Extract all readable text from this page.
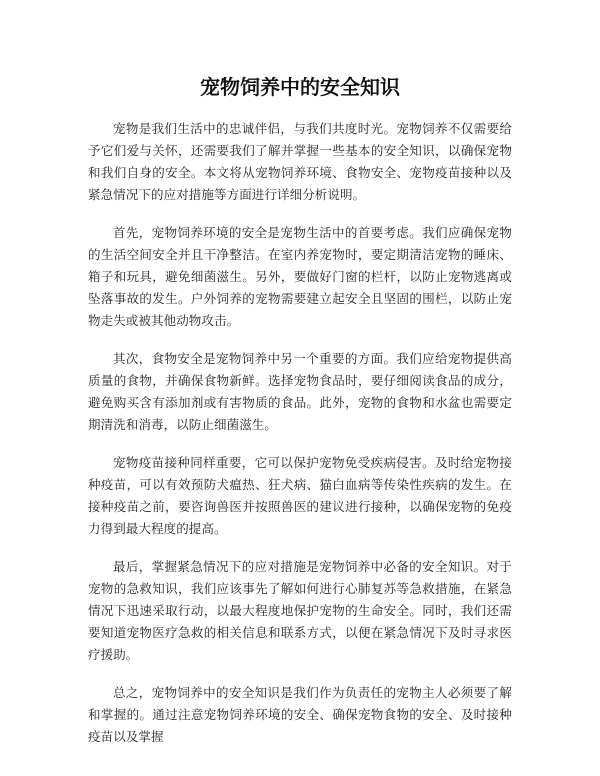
宠物饲养中的安全知识

宠物是我们生活中的忠诚伴侣，与我们共度时光。宠物饲养不仅需要给予它们爱与关怀，还需要我们了解并掌握一些基本的安全知识，以确保宠物和我们自身的安全。本文将从宠物饲养环境、食物安全、宠物疫苗接种以及紧急情况下的应对措施等方面进行详细分析说明。

首先，宠物饲养环境的安全是宠物生活中的首要考虑。我们应确保宠物的生活空间安全并且干净整洁。在室内养宠物时，要定期清洁宠物的睡床、箱子和玩具，避免细菌滋生。另外，要做好门窗的栏杆，以防止宠物逃离或坠落事故的发生。户外饲养的宠物需要建立起安全且坚固的围栏，以防止宠物走失或被其他动物攻击。

其次，食物安全是宠物饲养中另一个重要的方面。我们应给宠物提供高质量的食物，并确保食物新鲜。选择宠物食品时，要仔细阅读食品的成分，避免购买含有添加剂或有害物质的食品。此外，宠物的食物和水盆也需要定期清洗和消毒，以防止细菌滋生。

宠物疫苗接种同样重要，它可以保护宠物免受疾病侵害。及时给宠物接种疫苗，可以有效预防犬瘟热、狂犬病、猫白血病等传染性疾病的发生。在接种疫苗之前，要咨询兽医并按照兽医的建议进行接种，以确保宠物的免疫力得到最大程度的提高。

最后，掌握紧急情况下的应对措施是宠物饲养中必备的安全知识。对于宠物的急救知识，我们应该事先了解如何进行心肺复苏等急救措施，在紧急情况下迅速采取行动，以最大程度地保护宠物的生命安全。同时，我们还需要知道宠物医疗急救的相关信息和联系方式，以便在紧急情况下及时寻求医疗援助。

总之，宠物饲养中的安全知识是我们作为负责任的宠物主人必须要了解和掌握的。通过注意宠物饲养环境的安全、确保宠物食物的安全、及时接种疫苗以及掌握
